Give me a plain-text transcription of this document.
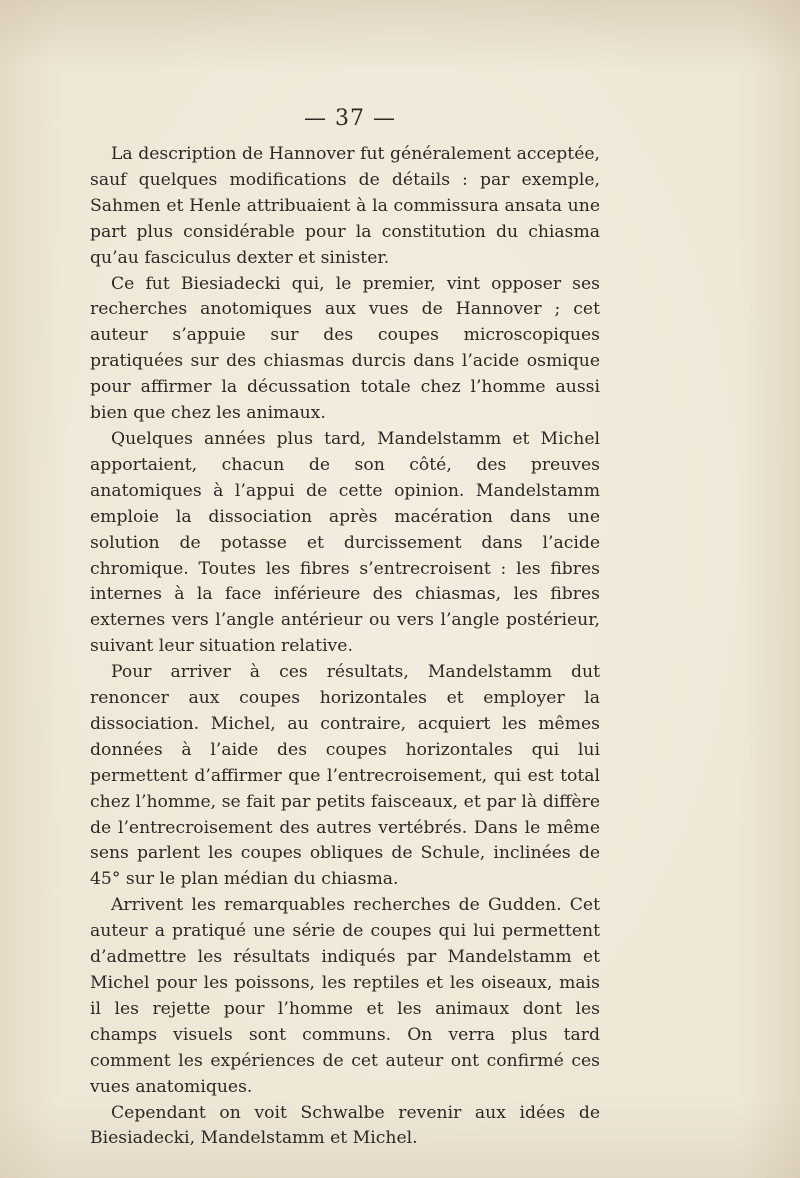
— 37 —

La description de Hannover fut généralement acceptée, sauf quelques modifications de détails : par exemple, Sahmen et Henle attribuaient à la commissura ansata une part plus considérable pour la constitution du chiasma qu’au fasciculus dexter et sinister.

Ce fut Biesiadecki qui, le premier, vint opposer ses recherches anotomiques aux vues de Hannover ; cet auteur s’appuie sur des coupes microscopiques pratiquées sur des chiasmas durcis dans l’acide osmique pour affirmer la décussation totale chez l’homme aussi bien que chez les animaux.

Quelques années plus tard, Mandelstamm et Michel apportaient, chacun de son côté, des preuves anatomiques à l’appui de cette opinion. Mandelstamm emploie la dissociation après macération dans une solution de potasse et durcissement dans l’acide chromique. Toutes les fibres s’entrecroisent : les fibres internes à la face inférieure des chiasmas, les fibres externes vers l’angle antérieur ou vers l’angle postérieur, suivant leur situation relative.

Pour arriver à ces résultats, Mandelstamm dut renoncer aux coupes horizontales et employer la dissociation. Michel, au contraire, acquiert les mêmes données à l’aide des coupes horizontales qui lui permettent d’affirmer que l’entrecroisement, qui est total chez l’homme, se fait par petits faisceaux, et par là diffère de l’entrecroisement des autres vertébrés. Dans le même sens parlent les coupes obliques de Schule, inclinées de 45° sur le plan médian du chiasma.

Arrivent les remarquables recherches de Gudden. Cet auteur a pratiqué une série de coupes qui lui permettent d’admettre les résultats indiqués par Mandelstamm et Michel pour les poissons, les reptiles et les oiseaux, mais il les rejette pour l’homme et les animaux dont les champs visuels sont communs. On verra plus tard comment les expériences de cet auteur ont confirmé ces vues anatomiques.

Cependant on voit Schwalbe revenir aux idées de Biesiadecki, Mandelstamm et Michel.
